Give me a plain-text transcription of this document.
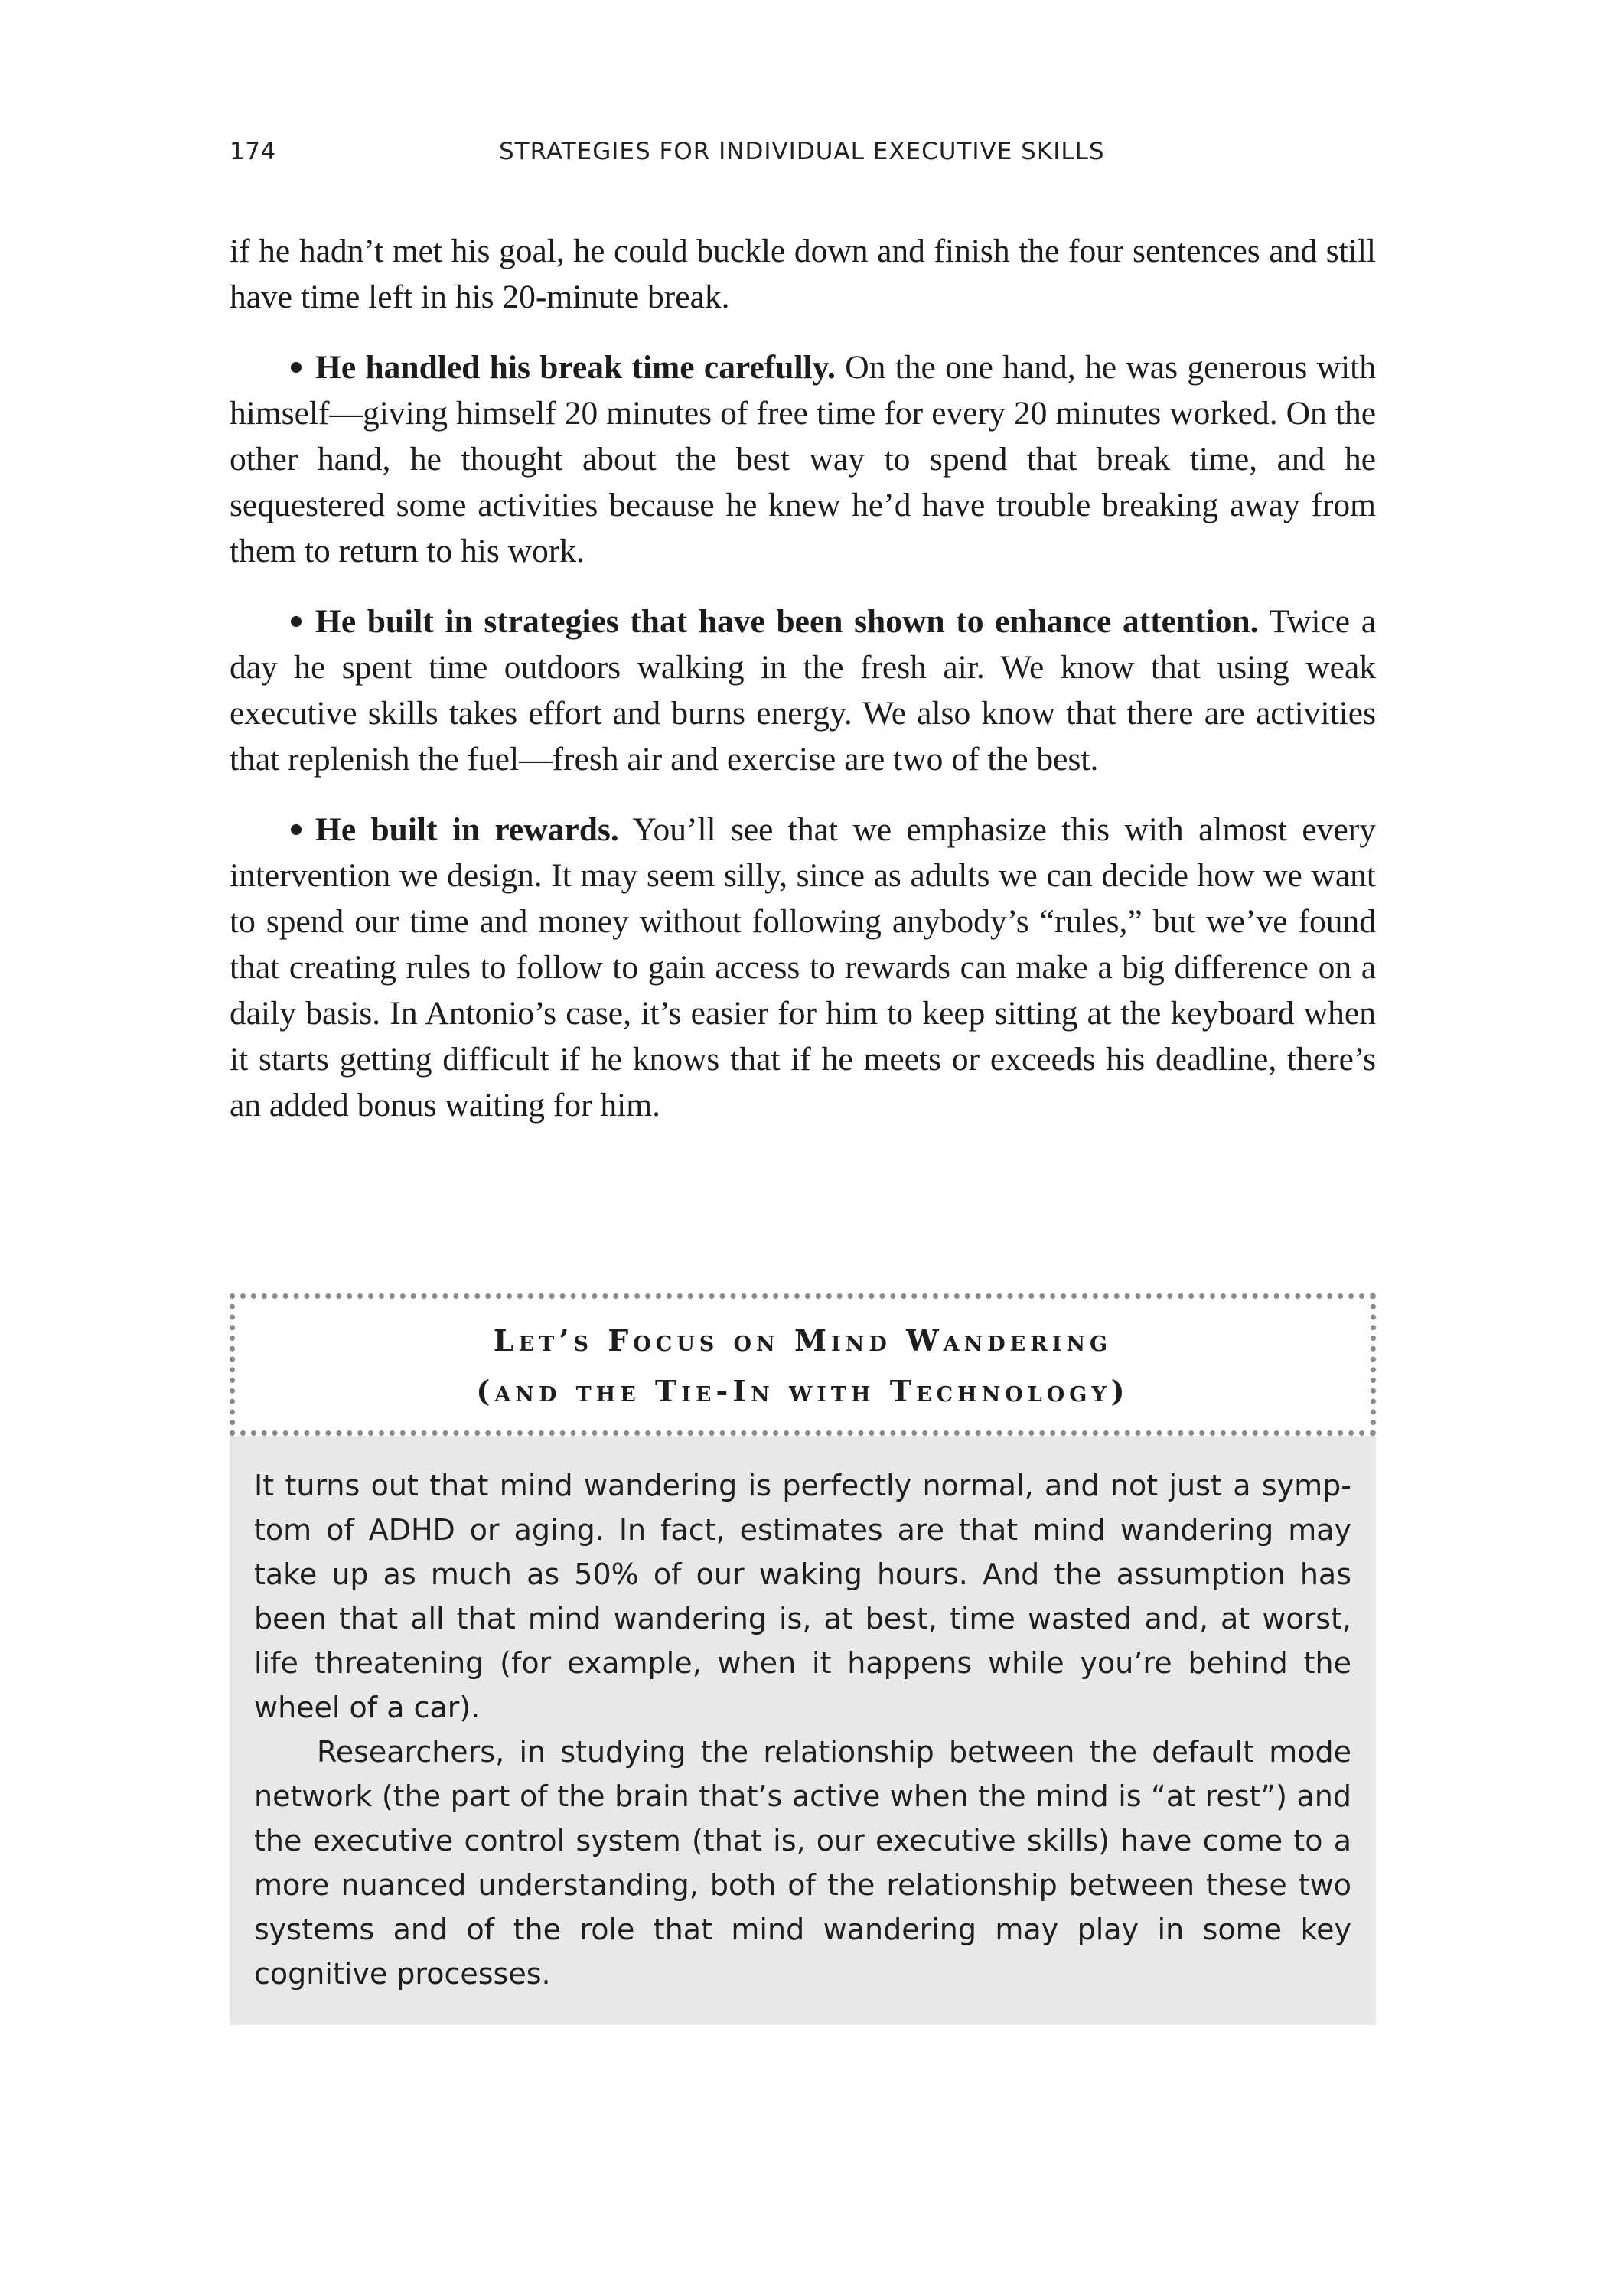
174	STRATEGIES FOR INDIVIDUAL EXECUTIVE SKILLS

if he hadn’t met his goal, he could buckle down and finish the four sentences and still have time left in his 20-minute break.

He handled his break time carefully. On the one hand, he was generous with himself—giving himself 20 minutes of free time for every 20 minutes worked. On the other hand, he thought about the best way to spend that break time, and he sequestered some activities because he knew he’d have trouble breaking away from them to return to his work.

He built in strategies that have been shown to enhance attention. Twice a day he spent time outdoors walking in the fresh air. We know that using weak executive skills takes effort and burns energy. We also know that there are activities that replenish the fuel—fresh air and exercise are two of the best.

He built in rewards. You’ll see that we emphasize this with almost every intervention we design. It may seem silly, since as adults we can decide how we want to spend our time and money without following anybody’s “rules,” but we’ve found that creating rules to follow to gain access to rewards can make a big difference on a daily basis. In Antonio’s case, it’s easier for him to keep sitting at the keyboard when it starts getting difficult if he knows that if he meets or exceeds his deadline, there’s an added bonus waiting for him.

Let’s Focus on Mind Wandering
(and the Tie-In with Technology)

It turns out that mind wandering is perfectly normal, and not just a symptom of ADHD or aging. In fact, estimates are that mind wandering may take up as much as 50% of our waking hours. And the assumption has been that all that mind wandering is, at best, time wasted and, at worst, life threatening (for example, when it happens while you’re behind the wheel of a car).

Researchers, in studying the relationship between the default mode network (the part of the brain that’s active when the mind is “at rest”) and the executive control system (that is, our executive skills) have come to a more nuanced understanding, both of the relationship between these two systems and of the role that mind wandering may play in some key cognitive processes.
